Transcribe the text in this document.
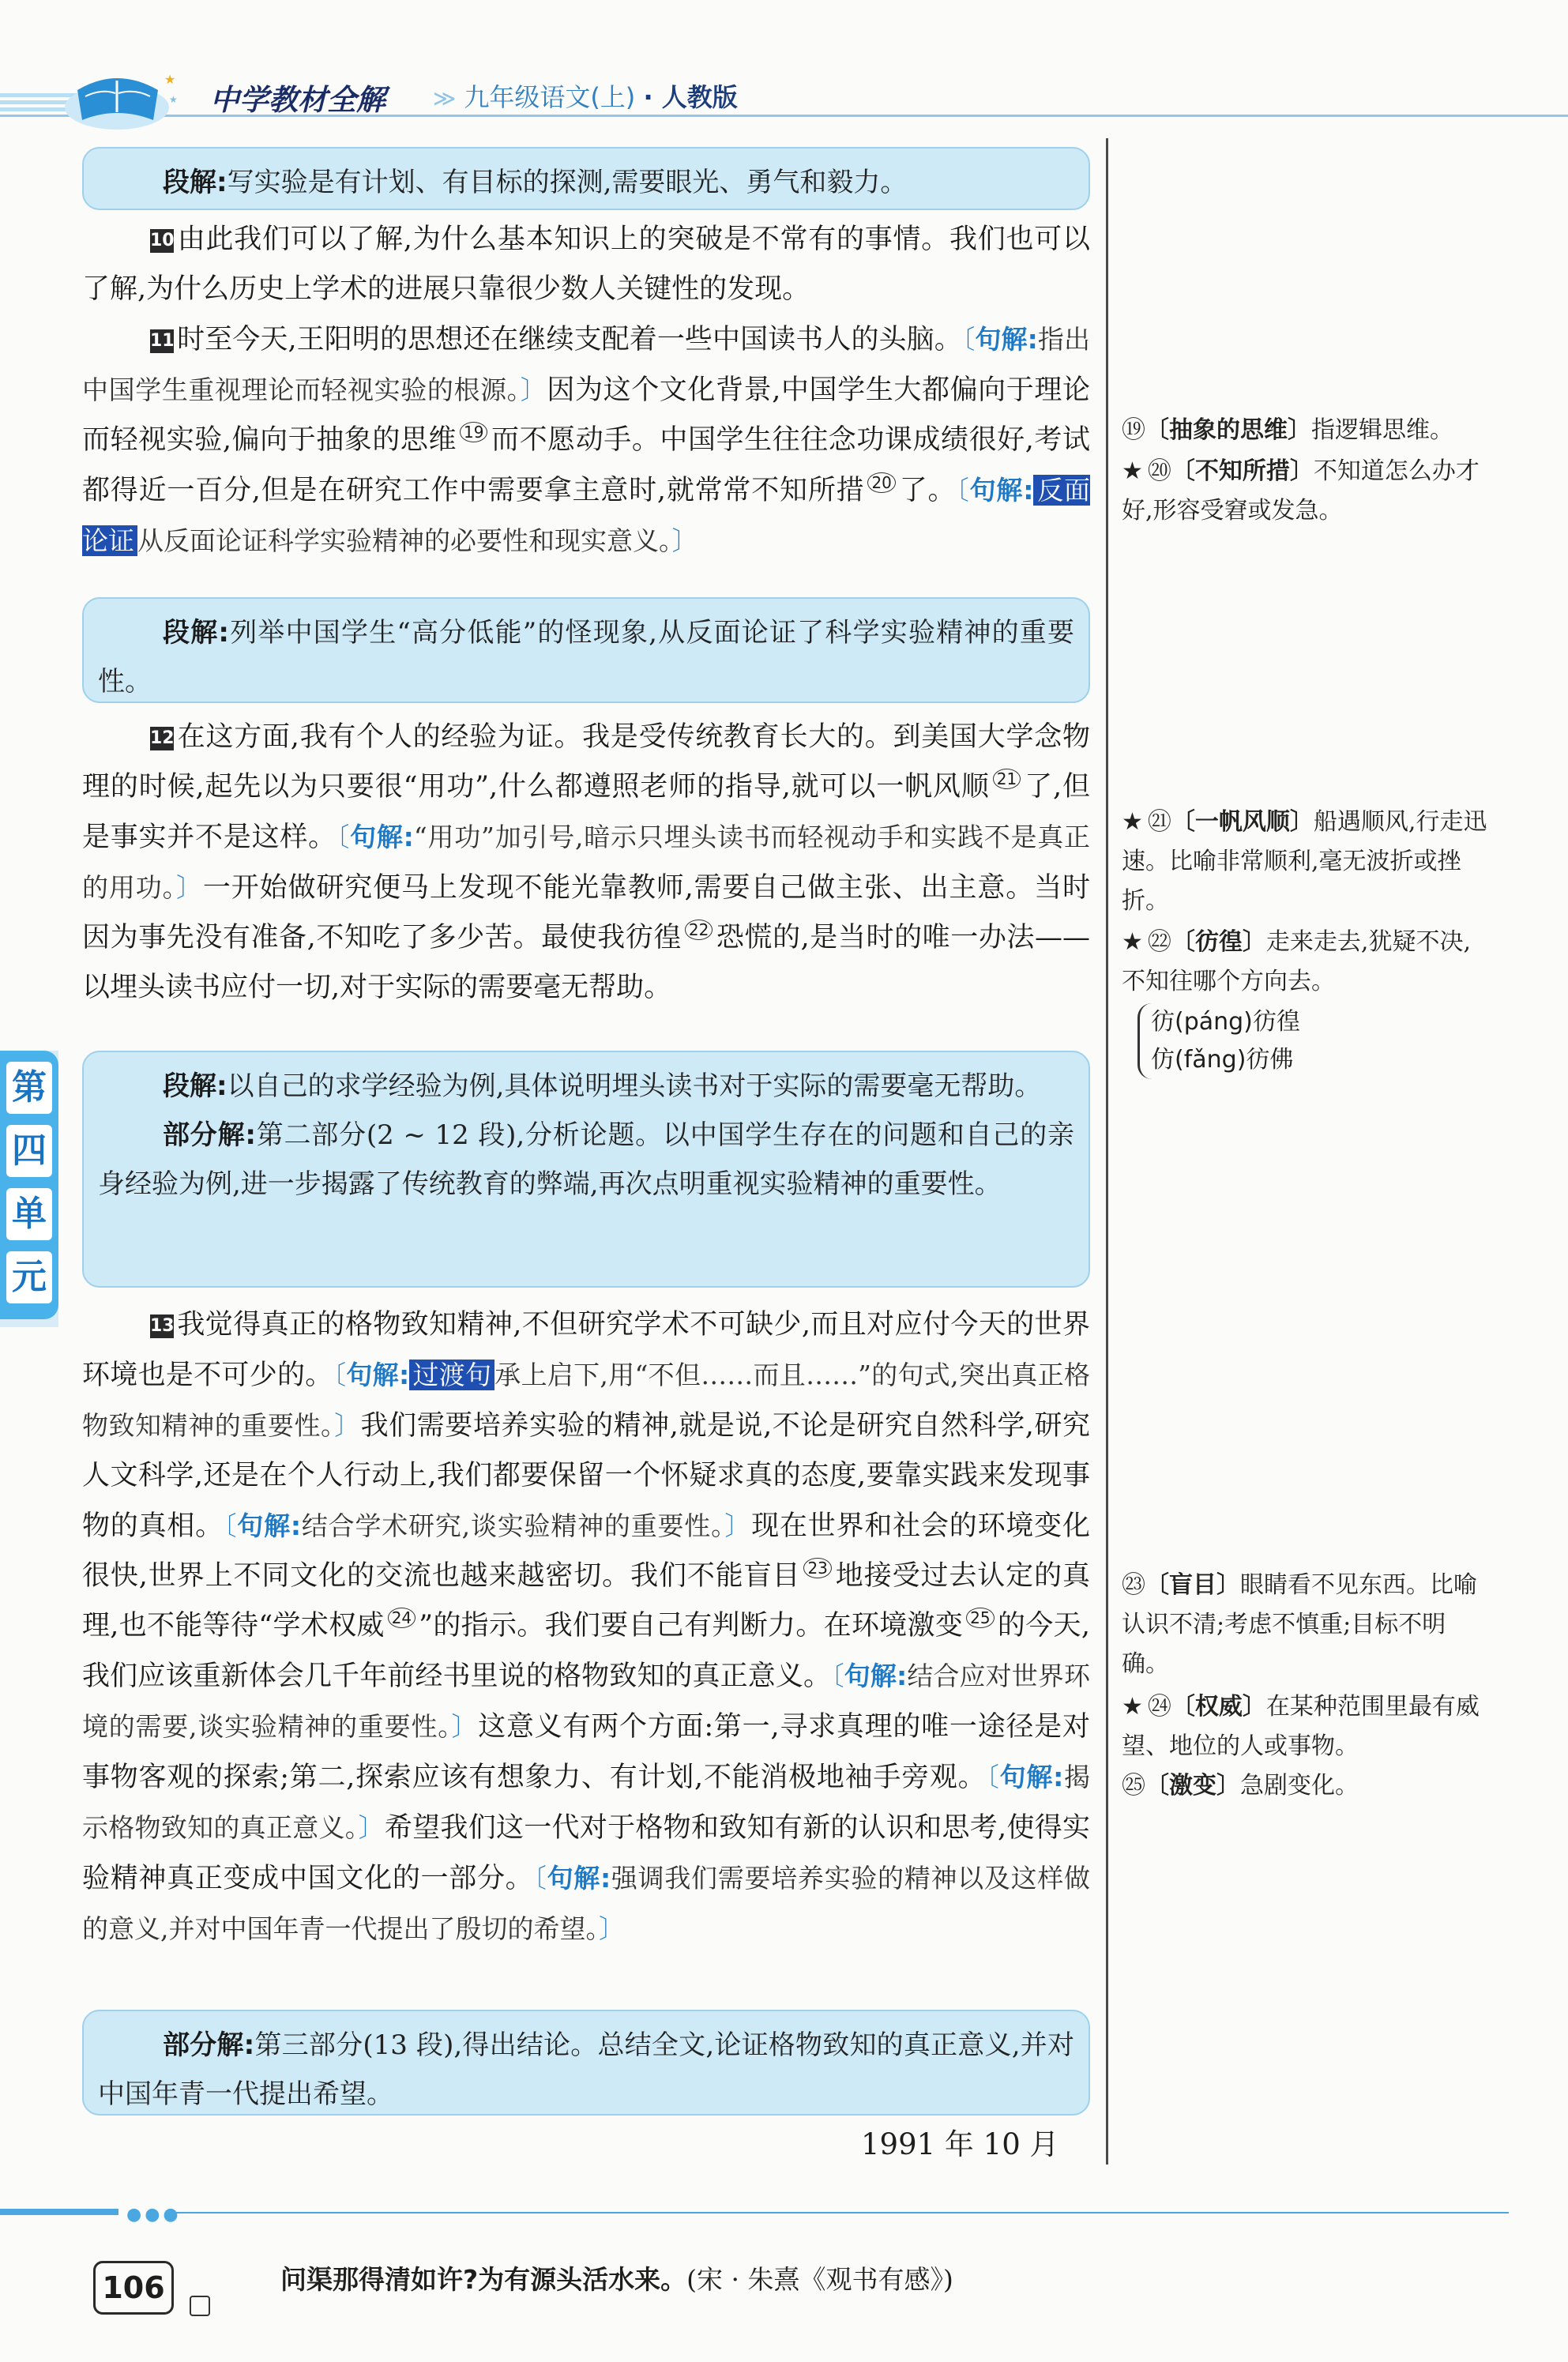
★
★ 中学教材全解 ≫ 九年级语文(上) · 人教版
段解:写实验是有计划、有目标的探测,需要眼光、勇气和毅力。
10由此我们可以了解,为什么基本知识上的突破是不常有的事情。我们也可以了解,为什么历史上学术的进展只靠很少数人关键性的发现。
11时至今天,王阳明的思想还在继续支配着一些中国读书人的头脑。〔句解:指出中国学生重视理论而轻视实验的根源。〕因为这个文化背景,中国学生大都偏向于理论而轻视实验,偏向于抽象的思维 $^{19}$ 而不愿动手。中国学生往往念功课成绩很好,考试都得近一百分,但是在研究工作中需要拿主意时,就常常不知所措 $^{20}$ 了。〔句解: 反面论证 从反面论证科学实验精神的必要性和现实意义。〕
段解:列举中国学生“高分低能”的怪现象,从反面论证了科学实验精神的重要性。
12在这方面,我有个人的经验为证。我是受传统教育长大的。到美国大学念物理的时候,起先以为只要很“用功”,什么都遵照老师的指导,就可以一帆风顺 $^{21}$ 了,但是事实并不是这样。〔句解:“用功”加引号,暗示只埋头读书而轻视动手和实践不是真正的用功。〕一开始做研究便马上发现不能光靠教师,需要自己做主张、出主意。当时因为事先没有准备,不知吃了多少苦。最使我彷徨 $^{22}$ 恐慌的,是当时的唯一办法——以埋头读书应付一切,对于实际的需要毫无帮助。
第
四
单
元
段解:以自己的求学经验为例,具体说明埋头读书对于实际的需要毫无帮助。
部分解:第二部分(2 ~ 12 段),分析论题。以中国学生存在的问题和自己的亲身经验为例,进一步揭露了传统教育的弊端,再次点明重视实验精神的重要性。
13我觉得真正的格物致知精神,不但研究学术不可缺少,而且对应付今天的世界环境也是不可少的。〔句解: 过渡句 承上启下,用“不但……而且……”的句式,突出真正格物致知精神的重要性。〕我们需要培养实验的精神,就是说,不论是研究自然科学,研究人文科学,还是在个人行动上,我们都要保留一个怀疑求真的态度,要靠实践来发现事物的真相。〔句解:结合学术研究,谈实验精神的重要性。〕现在世界和社会的环境变化很快,世界上不同文化的交流也越来越密切。我们不能盲目 $^{23}$ 地接受过去认定的真理,也不能等待“学术权威 $^{24}$ ”的指示。我们要自己有判断力。在环境激变 $^{25}$ 的今天,我们应该重新体会几千年前经书里说的格物致知的真正意义。〔句解:结合应对世界环境的需要,谈实验精神的重要性。〕这意义有两个方面:第一,寻求真理的唯一途径是对事物客观的探索;第二,探索应该有想象力、有计划,不能消极地袖手旁观。〔句解:揭示格物致知的真正意义。〕希望我们这一代对于格物和致知有新的认识和思考,使得实验精神真正变成中国文化的一部分。〔句解:强调我们需要培养实验的精神以及这样做的意义,并对中国年青一代提出了殷切的希望。〕
部分解:第三部分(13 段),得出结论。总结全文,论证格物致知的真正意义,并对中国年青一代提出希望。
1991 年 10 月
⑲〔抽象的思维〕指逻辑思维。
★ ⑳〔不知所措〕不知道怎么办才好,形容受窘或发急。
★ ㉑〔一帆风顺〕船遇顺风,行走迅速。比喻非常顺利,毫无波折或挫折。
★ ㉒〔彷徨〕走来走去,犹疑不决,不知往哪个方向去。
彷(páng)彷徨
仿(fǎng)彷佛
㉓〔盲目〕眼睛看不见东西。比喻认识不清;考虑不慎重;目标不明确。
★ ㉔〔权威〕在某种范围里最有威望、地位的人或事物。
㉕〔激变〕急剧变化。
●●●
106	问渠那得清如许?为有源头活水来。(宋 · 朱熹《观书有感》)
